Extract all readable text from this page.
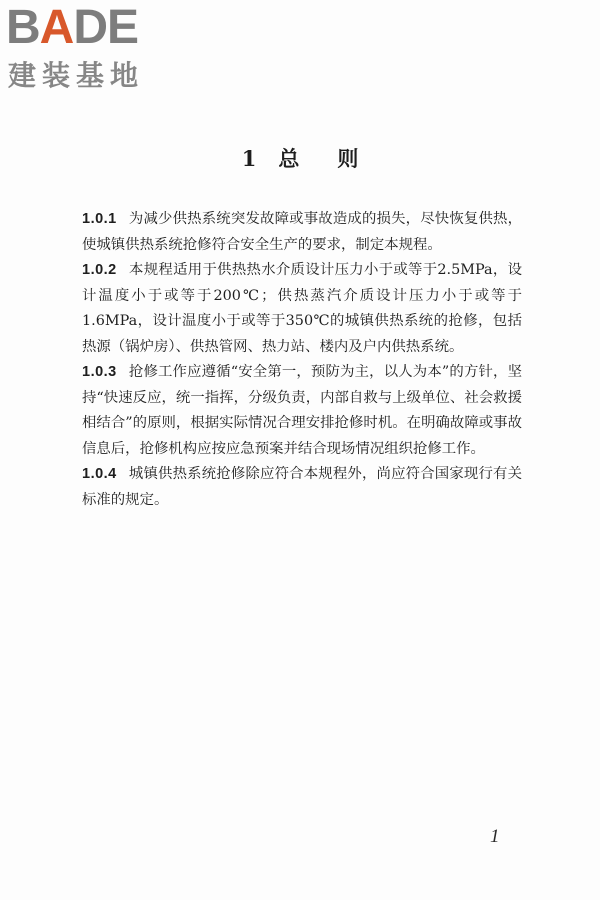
BADE
建装基地
1 总 则

1.0.1 为减少供热系统突发故障或事故造成的损失，尽快恢复供热，使城镇供热系统抢修符合安全生产的要求，制定本规程。

1.0.2 本规程适用于供热热水介质设计压力小于或等于2.5MPa，设计温度小于或等于200℃；供热蒸汽介质设计压力小于或等于1.6MPa，设计温度小于或等于350℃的城镇供热系统的抢修，包括热源（锅炉房）、供热管网、热力站、楼内及户内供热系统。

1.0.3 抢修工作应遵循“安全第一，预防为主，以人为本”的方针，坚持“快速反应，统一指挥，分级负责，内部自救与上级单位、社会救援相结合”的原则，根据实际情况合理安排抢修时机。在明确故障或事故信息后，抢修机构应按应急预案并结合现场情况组织抢修工作。

1.0.4 城镇供热系统抢修除应符合本规程外，尚应符合国家现行有关标准的规定。

1
